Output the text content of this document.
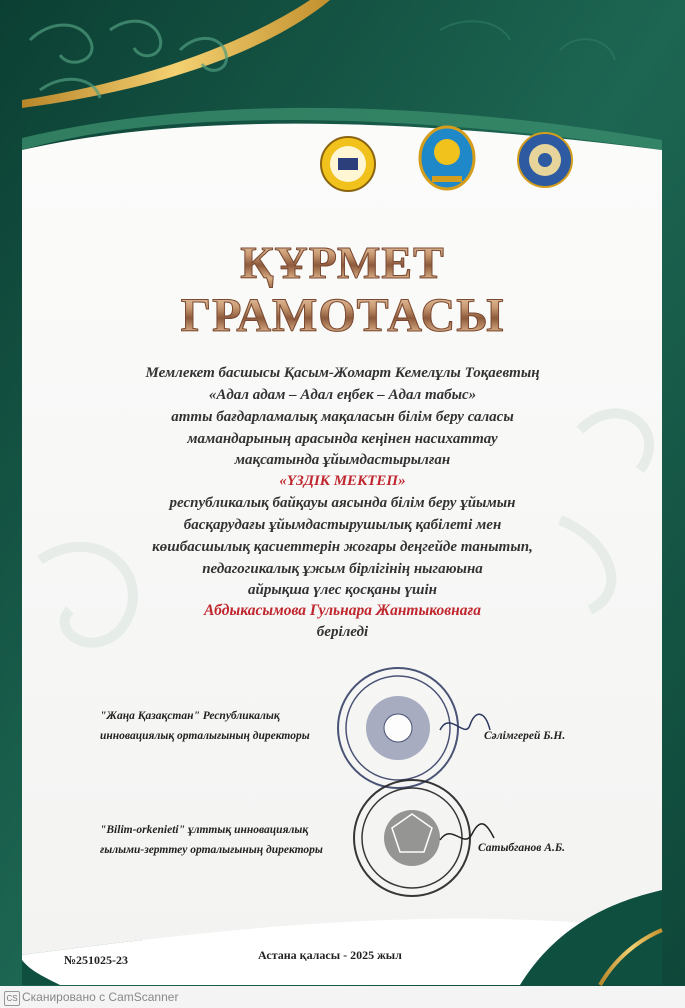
ҚҰРМЕТ
ГРАМОТАСЫ
Мемлекет басшысы Қасым-Жомарт Кемелұлы Тоқаевтың
«Адал адам – Адал еңбек – Адал табыс»
атты бағдарламалық мақаласын білім беру саласы
мамандарының арасында кеңінен насихаттау
мақсатында ұйымдастырылған
«ҮЗДІК МЕКТЕП»
республикалық байқауы аясында білім беру ұйымын
басқарудағы ұйымдастырушылық қабілеті мен
көшбасшылық қасиеттерін жоғары деңгейде танытып,
педагогикалық ұжым бірлігінің ныгаюына
айрықша үлес қосқаны үшін
Абдыкасымова Гульнара Жантыковнаға
беріледі
"Жаңа Қазақстан" Республикалық
инновациялық орталығының директоры	Сәлімгерей Б.Н.
"Bilim-orkenieti" ұлттық инновациялық
ғылыми-зерттеу орталығының директоры	Сатыбганов А.Б.
№251025-23	Астана қаласы - 2025 жыл
CS Сканировано с CamScanner
